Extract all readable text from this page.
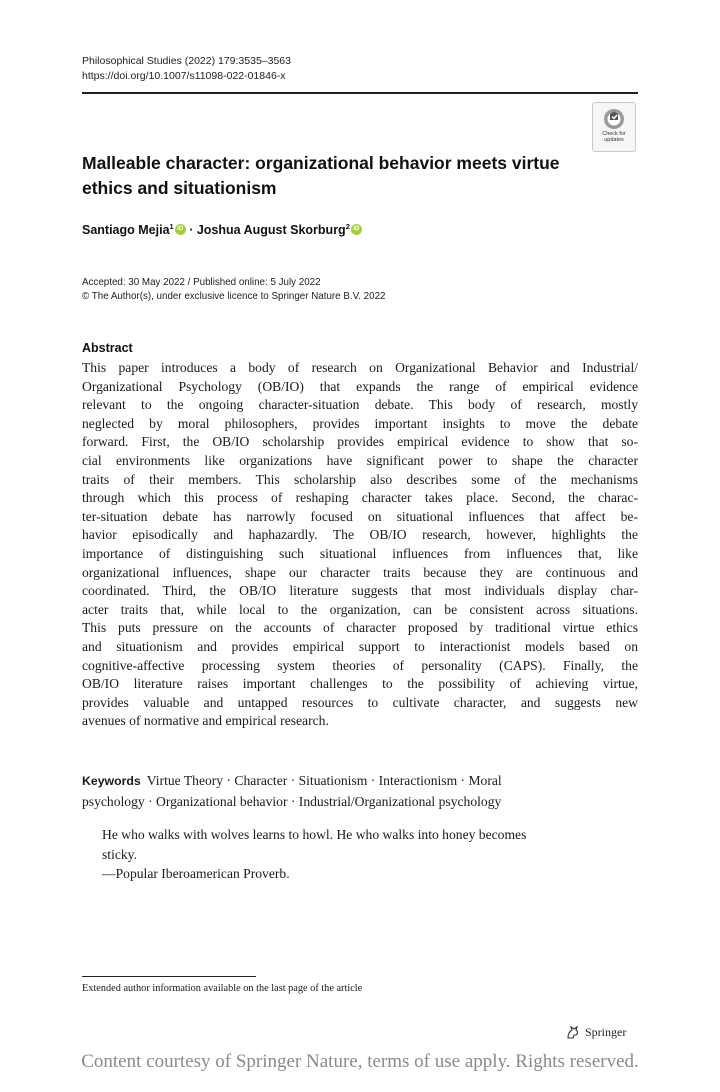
Philosophical Studies (2022) 179:3535–3563
https://doi.org/10.1007/s11098-022-01846-x
Check for
updates
Malleable character: organizational behavior meets virtue
ethics and situationism
Santiago Mejia$^1$iD · Joshua August Skorburg$^2$iD
Accepted: 30 May 2022 / Published online: 5 July 2022
© The Author(s), under exclusive licence to Springer Nature B.V. 2022
Abstract
This paper introduces a body of research on Organizational Behavior and Industrial/
Organizational Psychology (OB/IO) that expands the range of empirical evidence
relevant to the ongoing character-situation debate. This body of research, mostly
neglected by moral philosophers, provides important insights to move the debate
forward. First, the OB/IO scholarship provides empirical evidence to show that so-
cial environments like organizations have significant power to shape the character
traits of their members. This scholarship also describes some of the mechanisms
through which this process of reshaping character takes place. Second, the charac-
ter-situation debate has narrowly focused on situational influences that affect be-
havior episodically and haphazardly. The OB/IO research, however, highlights the
importance of distinguishing such situational influences from influences that, like
organizational influences, shape our character traits because they are continuous and
coordinated. Third, the OB/IO literature suggests that most individuals display char-
acter traits that, while local to the organization, can be consistent across situations.
This puts pressure on the accounts of character proposed by traditional virtue ethics
and situationism and provides empirical support to interactionist models based on
cognitive-affective processing system theories of personality (CAPS). Finally, the
OB/IO literature raises important challenges to the possibility of achieving virtue,
provides valuable and untapped resources to cultivate character, and suggests new
avenues of normative and empirical research.
Keywords Virtue Theory · Character · Situationism · Interactionism · Moral
psychology · Organizational behavior · Industrial/Organizational psychology
He who walks with wolves learns to howl. He who walks into honey becomes
sticky.
—Popular Iberoamerican Proverb.
Extended author information available on the last page of the article
Springer
Content courtesy of Springer Nature, terms of use apply. Rights reserved.
